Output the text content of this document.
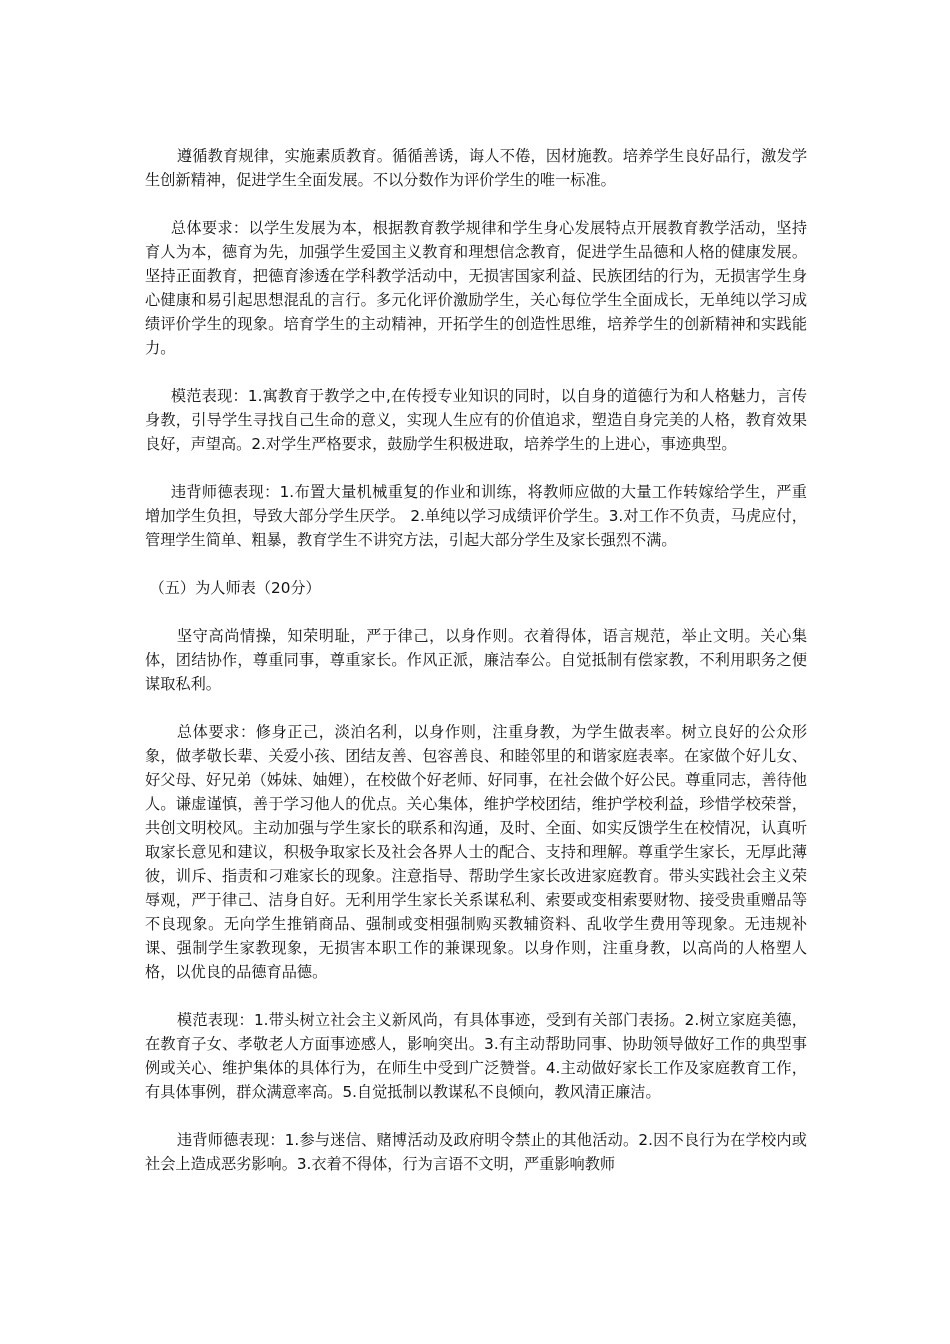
遵循教育规律，实施素质教育。循循善诱，诲人不倦，因材施教。培养学生良好品行，激发学生创新精神，促进学生全面发展。不以分数作为评价学生的唯一标准。

总体要求：以学生发展为本，根据教育教学规律和学生身心发展特点开展教育教学活动，坚持育人为本，德育为先，加强学生爱国主义教育和理想信念教育，促进学生品德和人格的健康发展。坚持正面教育，把德育渗透在学科教学活动中，无损害国家利益、民族团结的行为，无损害学生身心健康和易引起思想混乱的言行。多元化评价激励学生，关心每位学生全面成长，无单纯以学习成绩评价学生的现象。培育学生的主动精神，开拓学生的创造性思维，培养学生的创新精神和实践能力。

模范表现：1.寓教育于教学之中,在传授专业知识的同时，以自身的道德行为和人格魅力，言传身教，引导学生寻找自己生命的意义，实现人生应有的价值追求，塑造自身完美的人格，教育效果良好，声望高。2.对学生严格要求，鼓励学生积极进取，培养学生的上进心，事迹典型。

违背师德表现：1.布置大量机械重复的作业和训练，将教师应做的大量工作转嫁给学生，严重增加学生负担，导致大部分学生厌学。 2.单纯以学习成绩评价学生。3.对工作不负责，马虎应付，管理学生简单、粗暴，教育学生不讲究方法，引起大部分学生及家长强烈不满。

（五）为人师表（20分）

坚守高尚情操，知荣明耻，严于律己，以身作则。衣着得体，语言规范，举止文明。关心集体，团结协作，尊重同事，尊重家长。作风正派，廉洁奉公。自觉抵制有偿家教，不利用职务之便谋取私利。

总体要求：修身正己，淡泊名利，以身作则，注重身教，为学生做表率。树立良好的公众形象，做孝敬长辈、关爱小孩、团结友善、包容善良、和睦邻里的和谐家庭表率。在家做个好儿女、好父母、好兄弟（姊妹、妯娌），在校做个好老师、好同事，在社会做个好公民。尊重同志，善待他人。谦虚谨慎，善于学习他人的优点。关心集体，维护学校团结，维护学校利益，珍惜学校荣誉，共创文明校风。主动加强与学生家长的联系和沟通，及时、全面、如实反馈学生在校情况，认真听取家长意见和建议，积极争取家长及社会各界人士的配合、支持和理解。尊重学生家长，无厚此薄彼，训斥、指责和刁难家长的现象。注意指导、帮助学生家长改进家庭教育。带头实践社会主义荣辱观，严于律己、洁身自好。无利用学生家长关系谋私利、索要或变相索要财物、接受贵重赠品等不良现象。无向学生推销商品、强制或变相强制购买教辅资料、乱收学生费用等现象。无违规补课、强制学生家教现象，无损害本职工作的兼课现象。以身作则，注重身教，以高尚的人格塑人格，以优良的品德育品德。

模范表现：1.带头树立社会主义新风尚，有具体事迹，受到有关部门表扬。2.树立家庭美德，在教育子女、孝敬老人方面事迹感人，影响突出。3.有主动帮助同事、协助领导做好工作的典型事例或关心、维护集体的具体行为，在师生中受到广泛赞誉。4.主动做好家长工作及家庭教育工作，有具体事例，群众满意率高。5.自觉抵制以教谋私不良倾向，教风清正廉洁。

违背师德表现：1.参与迷信、赌博活动及政府明令禁止的其他活动。2.因不良行为在学校内或社会上造成恶劣影响。3.衣着不得体，行为言语不文明，严重影响教师
